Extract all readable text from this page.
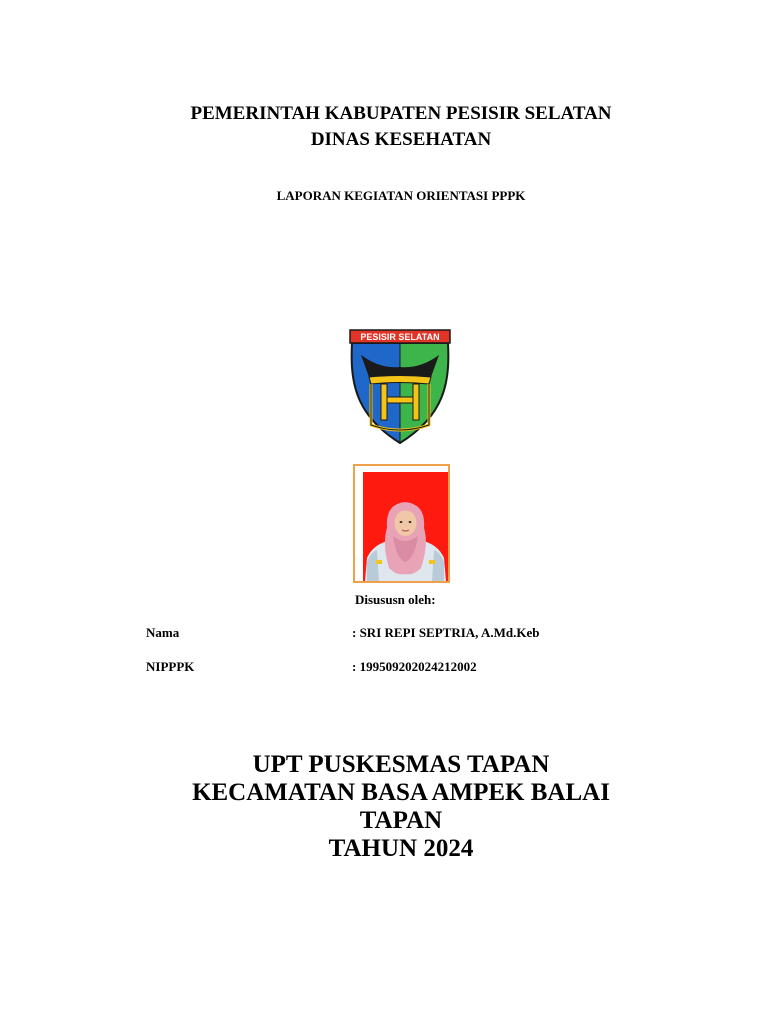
PEMERINTAH KABUPATEN PESISIR SELATAN
DINAS KESEHATAN
LAPORAN KEGIATAN ORIENTASI PPPK
PESISIR SELATAN
Disususn oleh:
Nama	: SRI REPI SEPTRIA, A.Md.Keb
NIPPPK	: 199509202024212002
UPT PUSKESMAS TAPAN
KECAMATAN BASA AMPEK BALAI
TAPAN
TAHUN 2024
